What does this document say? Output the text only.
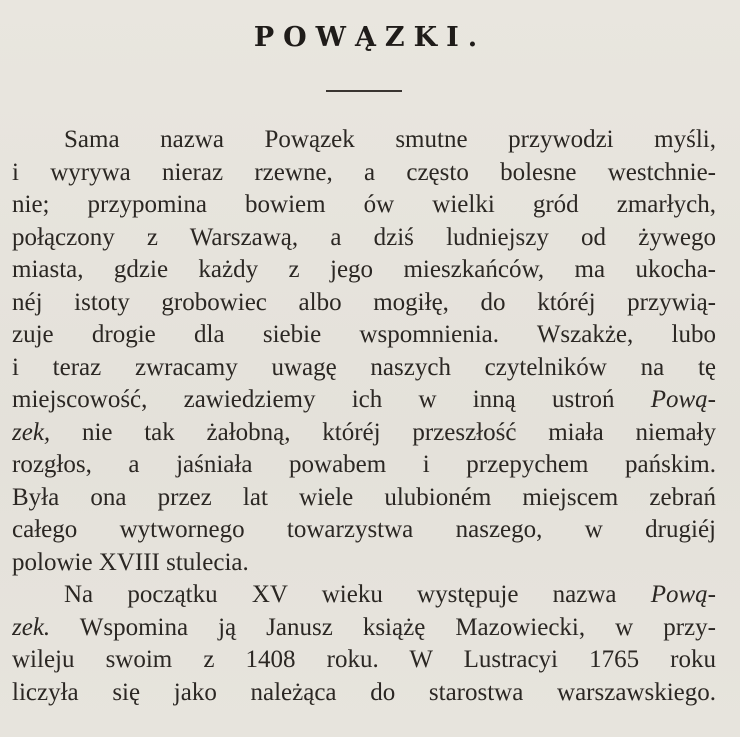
POWĄZKI.
Sama nazwa Powązek smutne przywodzi myśli,
i wyrywa nieraz rzewne, a często bolesne westchnie-
nie; przypomina bowiem ów wielki gród zmarłych,
połączony z Warszawą, a dziś ludniejszy od żywego
miasta, gdzie każdy z jego mieszkańców, ma ukocha-
néj istoty grobowiec albo mogiłę, do któréj przywią-
zuje drogie dla siebie wspomnienia. Wszakże, lubo
i teraz zwracamy uwagę naszych czytelników na tę
miejscowość, zawiedziemy ich w inną ustroń Pową-
zek, nie tak żałobną, któréj przeszłość miała niemały
rozgłos, a jaśniała powabem i przepychem pańskim.
Była ona przez lat wiele ulubioném miejscem zebrań
całego wytwornego towarzystwa naszego, w drugiéj
polowie XVIII stulecia.
Na początku XV wieku występuje nazwa Pową-
zek. Wspomina ją Janusz książę Mazowiecki, w przy-
wileju swoim z 1408 roku. W Lustracyi 1765 roku
liczyła się jako należąca do starostwa warszawskiego.
